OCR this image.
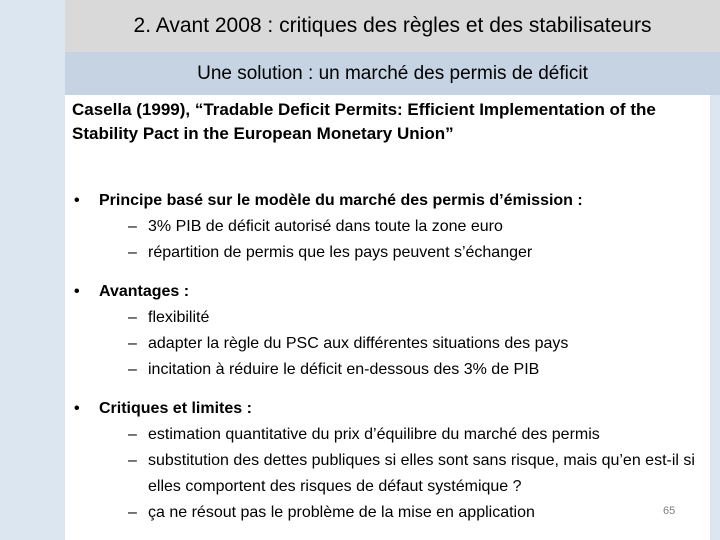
2. Avant 2008 : critiques des règles et des stabilisateurs
Une solution : un marché des permis de déficit
Casella (1999), “Tradable Deficit Permits: Efficient Implementation of the Stability Pact in the European Monetary Union”
•	Principe basé sur le modèle du marché des permis d’émission :
– 3% PIB de déficit autorisé dans toute la zone euro
– répartition de permis que les pays peuvent s’échanger
•	Avantages :
– flexibilité
– adapter la règle du PSC aux différentes situations des pays
– incitation à réduire le déficit en-dessous des 3% de PIB
•	Critiques et limites :
– estimation quantitative du prix d’équilibre du marché des permis
– substitution des dettes publiques si elles sont sans risque, mais qu’en est-il si elles comportent des risques de défaut systémique ?
– ça ne résout pas le problème de la mise en application	65
